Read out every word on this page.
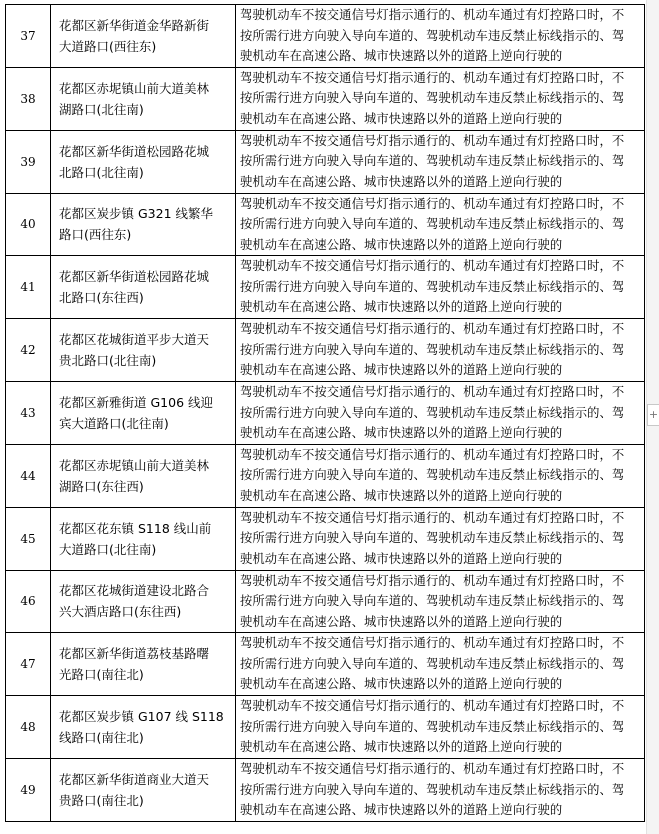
+
37	花都区新华街道金华路新街
大道路口(西往东)	驾驶机动车不按交通信号灯指示通行的、机动车通过有灯控路口时，不
按所需行进方向驶入导向车道的、驾驶机动车违反禁止标线指示的、驾
驶机动车在高速公路、城市快速路以外的道路上逆向行驶的

38	花都区赤坭镇山前大道美林
湖路口(北往南)	驾驶机动车不按交通信号灯指示通行的、机动车通过有灯控路口时，不
按所需行进方向驶入导向车道的、驾驶机动车违反禁止标线指示的、驾
驶机动车在高速公路、城市快速路以外的道路上逆向行驶的

39	花都区新华街道松园路花城
北路口(北往南)	驾驶机动车不按交通信号灯指示通行的、机动车通过有灯控路口时，不
按所需行进方向驶入导向车道的、驾驶机动车违反禁止标线指示的、驾
驶机动车在高速公路、城市快速路以外的道路上逆向行驶的

40	花都区炭步镇 G321 线繁华
路口(西往东)	驾驶机动车不按交通信号灯指示通行的、机动车通过有灯控路口时，不
按所需行进方向驶入导向车道的、驾驶机动车违反禁止标线指示的、驾
驶机动车在高速公路、城市快速路以外的道路上逆向行驶的

41	花都区新华街道松园路花城
北路口(东往西)	驾驶机动车不按交通信号灯指示通行的、机动车通过有灯控路口时，不
按所需行进方向驶入导向车道的、驾驶机动车违反禁止标线指示的、驾
驶机动车在高速公路、城市快速路以外的道路上逆向行驶的

42	花都区花城街道平步大道天
贵北路口(北往南)	驾驶机动车不按交通信号灯指示通行的、机动车通过有灯控路口时，不
按所需行进方向驶入导向车道的、驾驶机动车违反禁止标线指示的、驾
驶机动车在高速公路、城市快速路以外的道路上逆向行驶的

43	花都区新雅街道 G106 线迎
宾大道路口(北往南)	驾驶机动车不按交通信号灯指示通行的、机动车通过有灯控路口时，不
按所需行进方向驶入导向车道的、驾驶机动车违反禁止标线指示的、驾
驶机动车在高速公路、城市快速路以外的道路上逆向行驶的

44	花都区赤坭镇山前大道美林
湖路口(东往西)	驾驶机动车不按交通信号灯指示通行的、机动车通过有灯控路口时，不
按所需行进方向驶入导向车道的、驾驶机动车违反禁止标线指示的、驾
驶机动车在高速公路、城市快速路以外的道路上逆向行驶的

45	花都区花东镇 S118 线山前
大道路口(北往南)	驾驶机动车不按交通信号灯指示通行的、机动车通过有灯控路口时，不
按所需行进方向驶入导向车道的、驾驶机动车违反禁止标线指示的、驾
驶机动车在高速公路、城市快速路以外的道路上逆向行驶的

46	花都区花城街道建设北路合
兴大酒店路口(东往西)	驾驶机动车不按交通信号灯指示通行的、机动车通过有灯控路口时，不
按所需行进方向驶入导向车道的、驾驶机动车违反禁止标线指示的、驾
驶机动车在高速公路、城市快速路以外的道路上逆向行驶的

47	花都区新华街道荔枝基路曙
光路口(南往北)	驾驶机动车不按交通信号灯指示通行的、机动车通过有灯控路口时，不
按所需行进方向驶入导向车道的、驾驶机动车违反禁止标线指示的、驾
驶机动车在高速公路、城市快速路以外的道路上逆向行驶的

48	花都区炭步镇 G107 线 S118
线路口(南往北)	驾驶机动车不按交通信号灯指示通行的、机动车通过有灯控路口时，不
按所需行进方向驶入导向车道的、驾驶机动车违反禁止标线指示的、驾
驶机动车在高速公路、城市快速路以外的道路上逆向行驶的

49	花都区新华街道商业大道天
贵路口(南往北)	驾驶机动车不按交通信号灯指示通行的、机动车通过有灯控路口时，不
按所需行进方向驶入导向车道的、驾驶机动车违反禁止标线指示的、驾
驶机动车在高速公路、城市快速路以外的道路上逆向行驶的
